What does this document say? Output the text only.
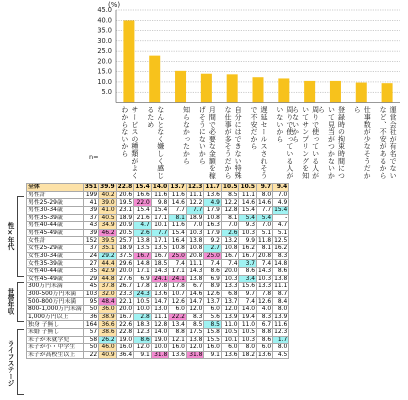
(%)
45.0
40.0
35.0
30.0
25.0
20.0
15.0
10.0
5.0
サービスの種類がよくわからないから	なんとなく嫌しく感じるため	知らなかったから	月間で必要な金額を稼げそうにないから	自分にはできない特殊な仕事が多そうだから	遅延セールスされそうで不安だから	周りで使っている人がいないから	周りで使っている人がいてサンプリングを知らないから	登録時の拘束時間について見当がつかないから	仕事数が少なそうだから	運営会社が有名でないなど、不安があるから
n=
全体	351	39.9	22.8	15.4	14.0	13.7	12.3	11.7	10.5	10.5	9.7	9.4
男性計	199	40.2	20.6	16.6	11.6	11.6	11.1	13.6	8.5	11.1	8.0	7.0
男性25-29歳	41	39.0	19.5	22.0	9.8	14.6	12.2	4.9	12.2	14.6	14.6	4.9
男性30-34歳	39	41.0	23.1	15.4	15.4	7.7	7.7	17.9	12.8	15.4	7.7	15.4
男性35-39歳	37	40.5	18.9	21.6	17.1	8.1	18.9	10.8	8.1	5.4	5.4	-
男性40-44歳	43	34.9	20.9	4.7	10.1	11.6	7.0	16.3	7.0	9.3	7.0	4.7
男性45-49歳	39	46.2	20.5	2.6	7.7	15.4	10.3	17.9	2.6	10.3	5.1	5.1
女性計	152	39.5	25.7	13.8	17.1	16.4	13.8	9.2	13.2	9.9	11.8	12.5
女性25-29歳	37	35.1	18.9	13.5	13.5	10.8	10.8	2.7	10.8	16.2	8.1	16.2
女性30-34歳	24	29.2	37.5	16.7	16.7	25.0	20.8	25.0	16.7	16.7	20.8	8.3
女性35-39歳	27	44.4	29.6	14.8	18.5	7.4	11.1	7.4	7.4	3.7	7.4	14.8
女性40-44歳	35	42.9	20.0	17.1	14.3	17.1	14.3	8.6	20.0	8.6	14.3	8.6
女性45-49歳	29	44.8	27.6	6.9	24.1	24.1	13.8	6.9	10.3	3.4	10.3	13.8
300万円未満	45	37.8	26.7	17.8	17.8	17.8	6.7	8.9	13.3	15.6	13.3	11.1
300-500万円未満	103	32.0	23.3	24.3	13.6	10.7	14.6	12.6	6.8	9.7	7.8	8.7
500-800万円未満	95	48.4	22.1	10.5	14.7	12.6	14.7	13.7	13.7	7.4	12.6	8.4
800-1,000万円未満	50	36.0	20.0	10.0	13.0	6.0	12.0	6.0	12.0	14.0	4.0	8.0
1,000万円以上	36	38.9	16.7	2.8	11.1	22.2	8.3	5.6	13.9	19.4	8.3	13.9
独身 子無し	164	36.6	22.6	18.3	12.8	13.4	8.5	8.5	11.0	11.0	6.7	11.6
未婚 子無し	57	38.6	22.8	12.3	14.0	8.8	17.5	15.8	10.5	10.5	8.8	12.3
未子が未就学児	58	26.2	19.0	8.6	19.0	12.1	13.8	15.5	10.1	10.3	8.6	1.7
未子が小・中学生	50	46.0	16.0	12.0	10.0	16.0	12.0	16.0	6.0	8.0	6.0	8.0
未子が高校生以上	22	40.9	36.4	9.1	31.8	13.6	31.8	9.1	13.6	18.2	13.6	4.5
性×年代
世帯年収
ライフステージ
